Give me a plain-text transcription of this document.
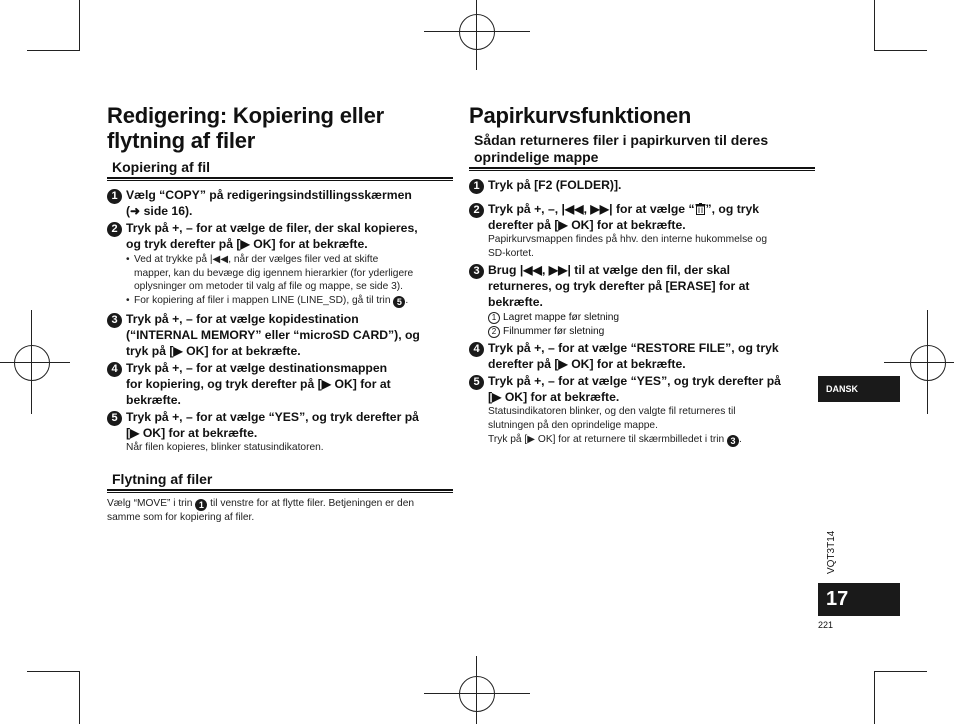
Redigering: Kopiering eller
flytning af filer
Kopiering af fil
1 Vælg “COPY” på redigeringsindstillingsskærmen
(➜ side 16).
2 Tryk på +, – for at vælge de filer, der skal kopieres,
og tryk derefter på [▶ OK] for at bekræfte.
• Ved at trykke på |◀◀, når der vælges filer ved at skifte
mapper, kan du bevæge dig igennem hierarkier (for yderligere
oplysninger om metoder til valg af file og mappe, se side 3).
• For kopiering af filer i mappen LINE (LINE_SD), gå til trin 5 .
3 Tryk på +, – for at vælge kopidestination
(“INTERNAL MEMORY” eller “microSD CARD”), og
tryk på [▶ OK] for at bekræfte.
4 Tryk på +, – for at vælge destinationsmappen
for kopiering, og tryk derefter på [▶ OK] for at
bekræfte.
5 Tryk på +, – for at vælge “YES”, og tryk derefter på
[▶ OK] for at bekræfte.
Når filen kopieres, blinker statusindikatoren.
Flytning af filer
Vælg “MOVE” i trin 1 til venstre for at flytte filer. Betjeningen er den
samme som for kopiering af filer.
Papirkurvsfunktionen
Sådan returneres filer i papirkurven til deres
oprindelige mappe
1 Tryk på [F2 (FOLDER)].
2 Tryk på +, –, |◀◀, ▶▶| for at vælge “ ”, og tryk
derefter på [▶ OK] for at bekræfte.
Papirkurvsmappen findes på hhv. den interne hukommelse og
SD-kortet.
3 Brug |◀◀, ▶▶| til at vælge den fil, der skal
returneres, og tryk derefter på [ERASE] for at
bekræfte.
1 Lagret mappe før sletning
2 Filnummer før sletning
4 Tryk på +, – for at vælge “RESTORE FILE”, og tryk
derefter på [▶ OK] for at bekræfte.
5 Tryk på +, – for at vælge “YES”, og tryk derefter på
[▶ OK] for at bekræfte.
Statusindikatoren blinker, og den valgte fil returneres til
slutningen på den oprindelige mappe.
Tryk på [▶ OK] for at returnere til skærmbilledet i trin 3 .
DANSK
VQT3T14
17
221
